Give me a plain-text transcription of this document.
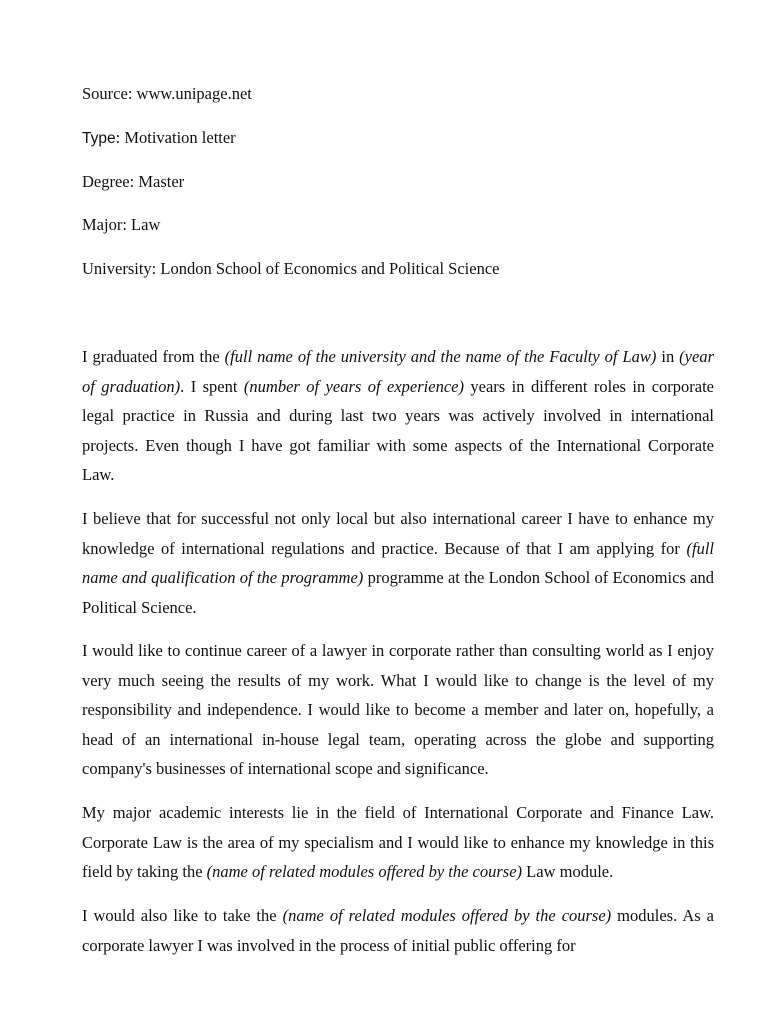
Source: www.unipage.net
Type: Motivation letter
Degree: Master
Major: Law
University: London School of Economics and Political Science

I graduated from the (full name of the university and the name of the Faculty of Law) in (year of graduation). I spent (number of years of experience) years in different roles in corporate legal practice in Russia and during last two years was actively involved in international projects. Even though I have got familiar with some aspects of the International Corporate Law.

I believe that for successful not only local but also international career I have to enhance my knowledge of international regulations and practice. Because of that I am applying for (full name and qualification of the programme) programme at the London School of Economics and Political Science.

I would like to continue career of a lawyer in corporate rather than consulting world as I enjoy very much seeing the results of my work. What I would like to change is the level of my responsibility and independence. I would like to become a member and later on, hopefully, a head of an international in-house legal team, operating across the globe and supporting company's businesses of international scope and significance.

My major academic interests lie in the field of International Corporate and Finance Law. Corporate Law is the area of my specialism and I would like to enhance my knowledge in this field by taking the (name of related modules offered by the course) Law module.

I would also like to take the (name of related modules offered by the course) modules. As a corporate lawyer I was involved in the process of initial public offering for
